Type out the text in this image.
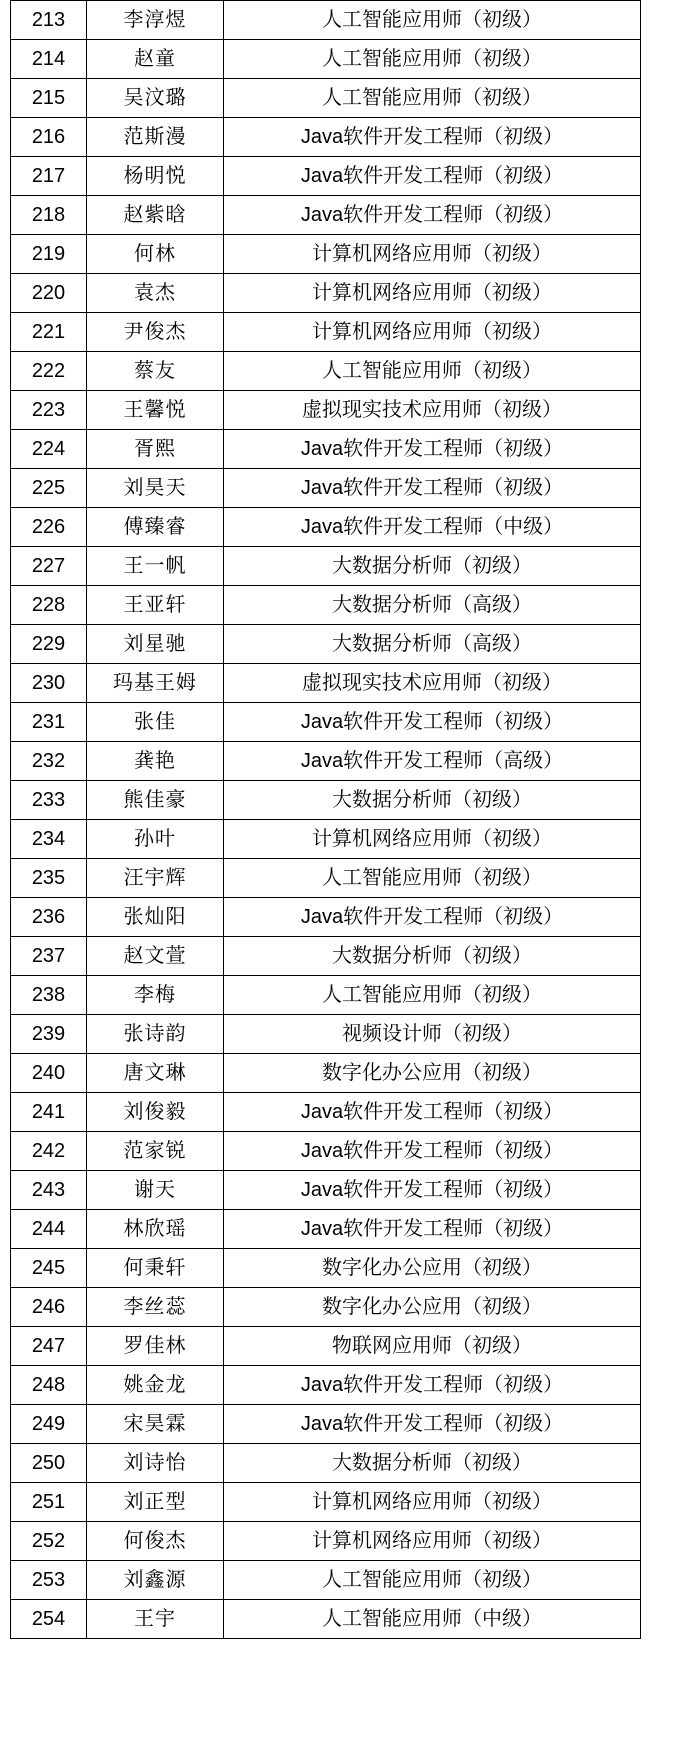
213	李淳煜	人工智能应用师（初级）
214	赵童	人工智能应用师（初级）
215	吴汶璐	人工智能应用师（初级）
216	范斯漫	Java软件开发工程师（初级）
217	杨明悦	Java软件开发工程师（初级）
218	赵紫晗	Java软件开发工程师（初级）
219	何林	计算机网络应用师（初级）
220	袁杰	计算机网络应用师（初级）
221	尹俊杰	计算机网络应用师（初级）
222	蔡友	人工智能应用师（初级）
223	王馨悦	虚拟现实技术应用师（初级）
224	胥熙	Java软件开发工程师（初级）
225	刘昊天	Java软件开发工程师（初级）
226	傅臻睿	Java软件开发工程师（中级）
227	王一帆	大数据分析师（初级）
228	王亚轩	大数据分析师（高级）
229	刘星驰	大数据分析师（高级）
230	玛基王姆	虚拟现实技术应用师（初级）
231	张佳	Java软件开发工程师（初级）
232	龚艳	Java软件开发工程师（高级）
233	熊佳豪	大数据分析师（初级）
234	孙叶	计算机网络应用师（初级）
235	汪宇辉	人工智能应用师（初级）
236	张灿阳	Java软件开发工程师（初级）
237	赵文萱	大数据分析师（初级）
238	李梅	人工智能应用师（初级）
239	张诗韵	视频设计师（初级）
240	唐文琳	数字化办公应用（初级）
241	刘俊毅	Java软件开发工程师（初级）
242	范家锐	Java软件开发工程师（初级）
243	谢天	Java软件开发工程师（初级）
244	林欣瑶	Java软件开发工程师（初级）
245	何秉轩	数字化办公应用（初级）
246	李丝蕊	数字化办公应用（初级）
247	罗佳林	物联网应用师（初级）
248	姚金龙	Java软件开发工程师（初级）
249	宋昊霖	Java软件开发工程师（初级）
250	刘诗怡	大数据分析师（初级）
251	刘正型	计算机网络应用师（初级）
252	何俊杰	计算机网络应用师（初级）
253	刘鑫源	人工智能应用师（初级）
254	王宇	人工智能应用师（中级）
